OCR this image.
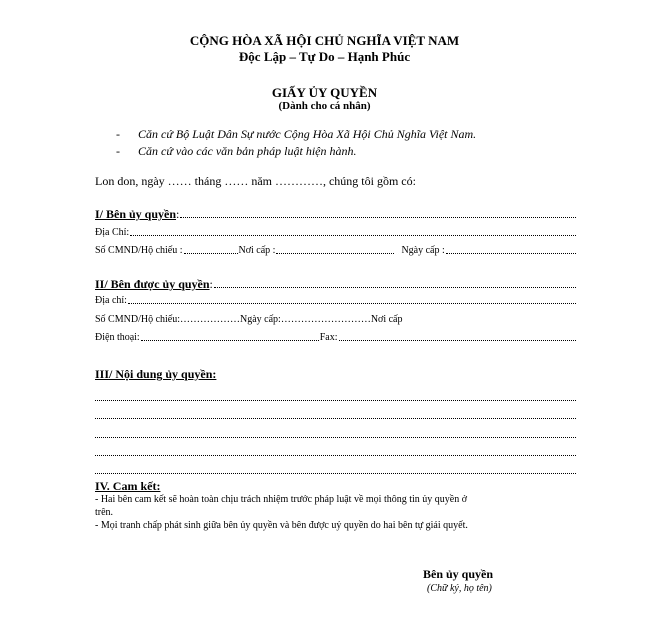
CỘNG HÒA XÃ HỘI CHỦ NGHĨA VIỆT NAM
Độc Lập – Tự Do – Hạnh Phúc
GIẤY ỦY QUYỀN
(Dành cho cá nhân)
- Căn cứ Bộ Luật Dân Sự nước Cộng Hòa Xã Hội Chủ Nghĩa Việt Nam.
- Căn cứ vào các văn bản pháp luật hiện hành.
Lon don, ngày …… tháng …… năm …………, chúng tôi gồm có:
I/ Bên ủy quyền :
Địa Chỉ:
Số CMND/Hộ chiếu :	Nơi cấp :	Ngày cấp :
II/ Bên được ủy quyền :
Địa chỉ:
Số CMND/Hộ chiếu:………………Ngày cấp:………………………Nơi cấp
Điện thoại:	Fax:
III/ Nội dung ủy quyền:
IV. Cam kết:
- Hai bên cam kết sẽ hoàn toàn chịu trách nhiệm trước pháp luật về mọi thông tin ủy quyền ở
trên.
- Mọi tranh chấp phát sinh giữa bên ủy quyền và bên được uỷ quyền do hai bên tự giải quyết.
Bên ủy quyền
(Chữ ký, họ tên)
